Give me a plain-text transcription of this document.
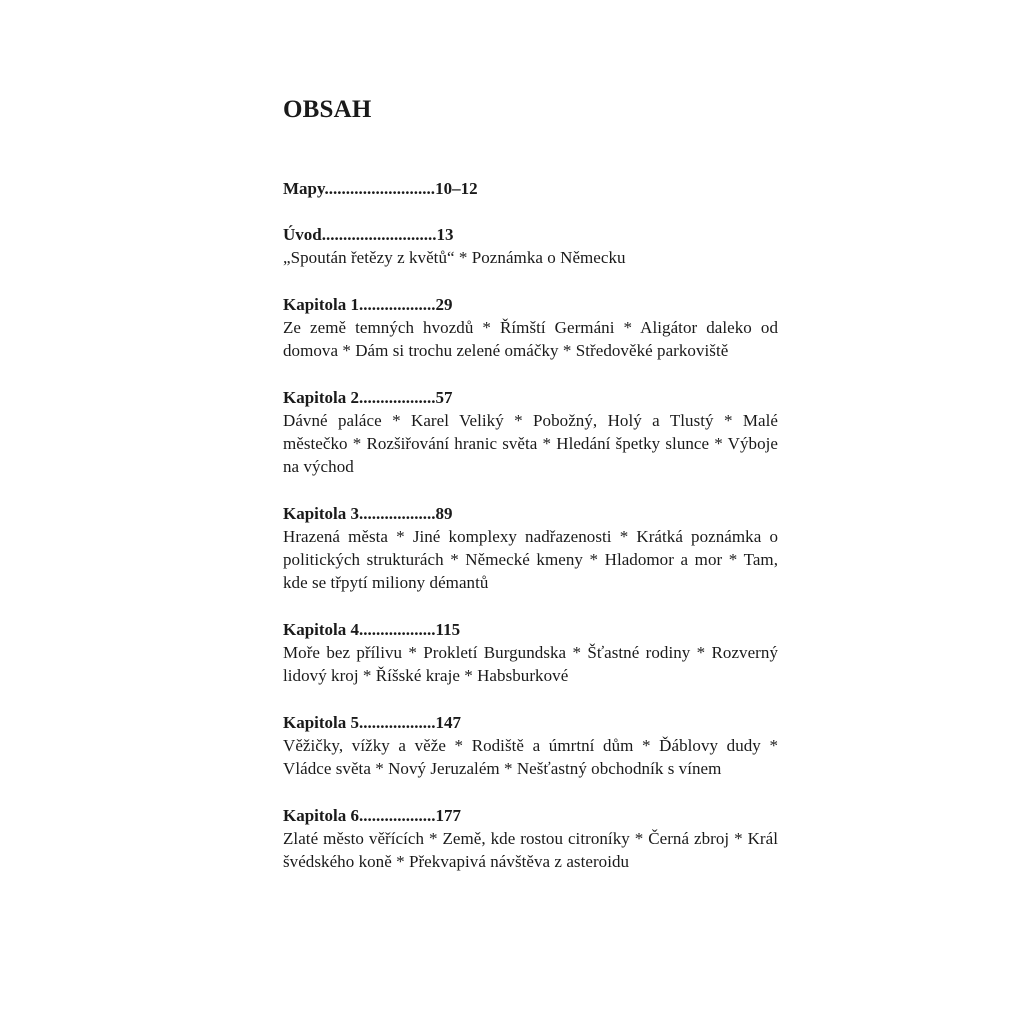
OBSAH
Mapy.......................... 10–12
Úvod........................... 13
„Spoután řetězy z květů“ * Poznámka o Německu
Kapitola 1.................. 29
Ze země temných hvozdů * Římští Germáni * Aligátor daleko od domova * Dám si trochu zelené omáčky * Středověké parkoviště
Kapitola 2.................. 57
Dávné paláce * Karel Veliký * Pobožný, Holý a Tlustý * Malé městečko * Rozšiřování hranic světa * Hledání špetky slunce * Výboje na východ
Kapitola 3.................. 89
Hrazená města * Jiné komplexy nadřazenosti * Krátká poznámka o politických strukturách * Německé kmeny * Hladomor a mor * Tam, kde se třpytí miliony démantů
Kapitola 4.................. 115
Moře bez přílivu * Prokletí Burgundska * Šťastné rodiny * Rozverný lidový kroj * Říšské kraje * Habsburkové
Kapitola 5.................. 147
Věžičky, vížky a věže * Rodiště a úmrtní dům * Ďáblovy dudy * Vládce světa * Nový Jeruzalém * Nešťastný obchodník s vínem
Kapitola 6.................. 177
Zlaté město věřících * Země, kde rostou citroníky * Černá zbroj * Král švédského koně * Překvapivá návštěva z asteroidu
